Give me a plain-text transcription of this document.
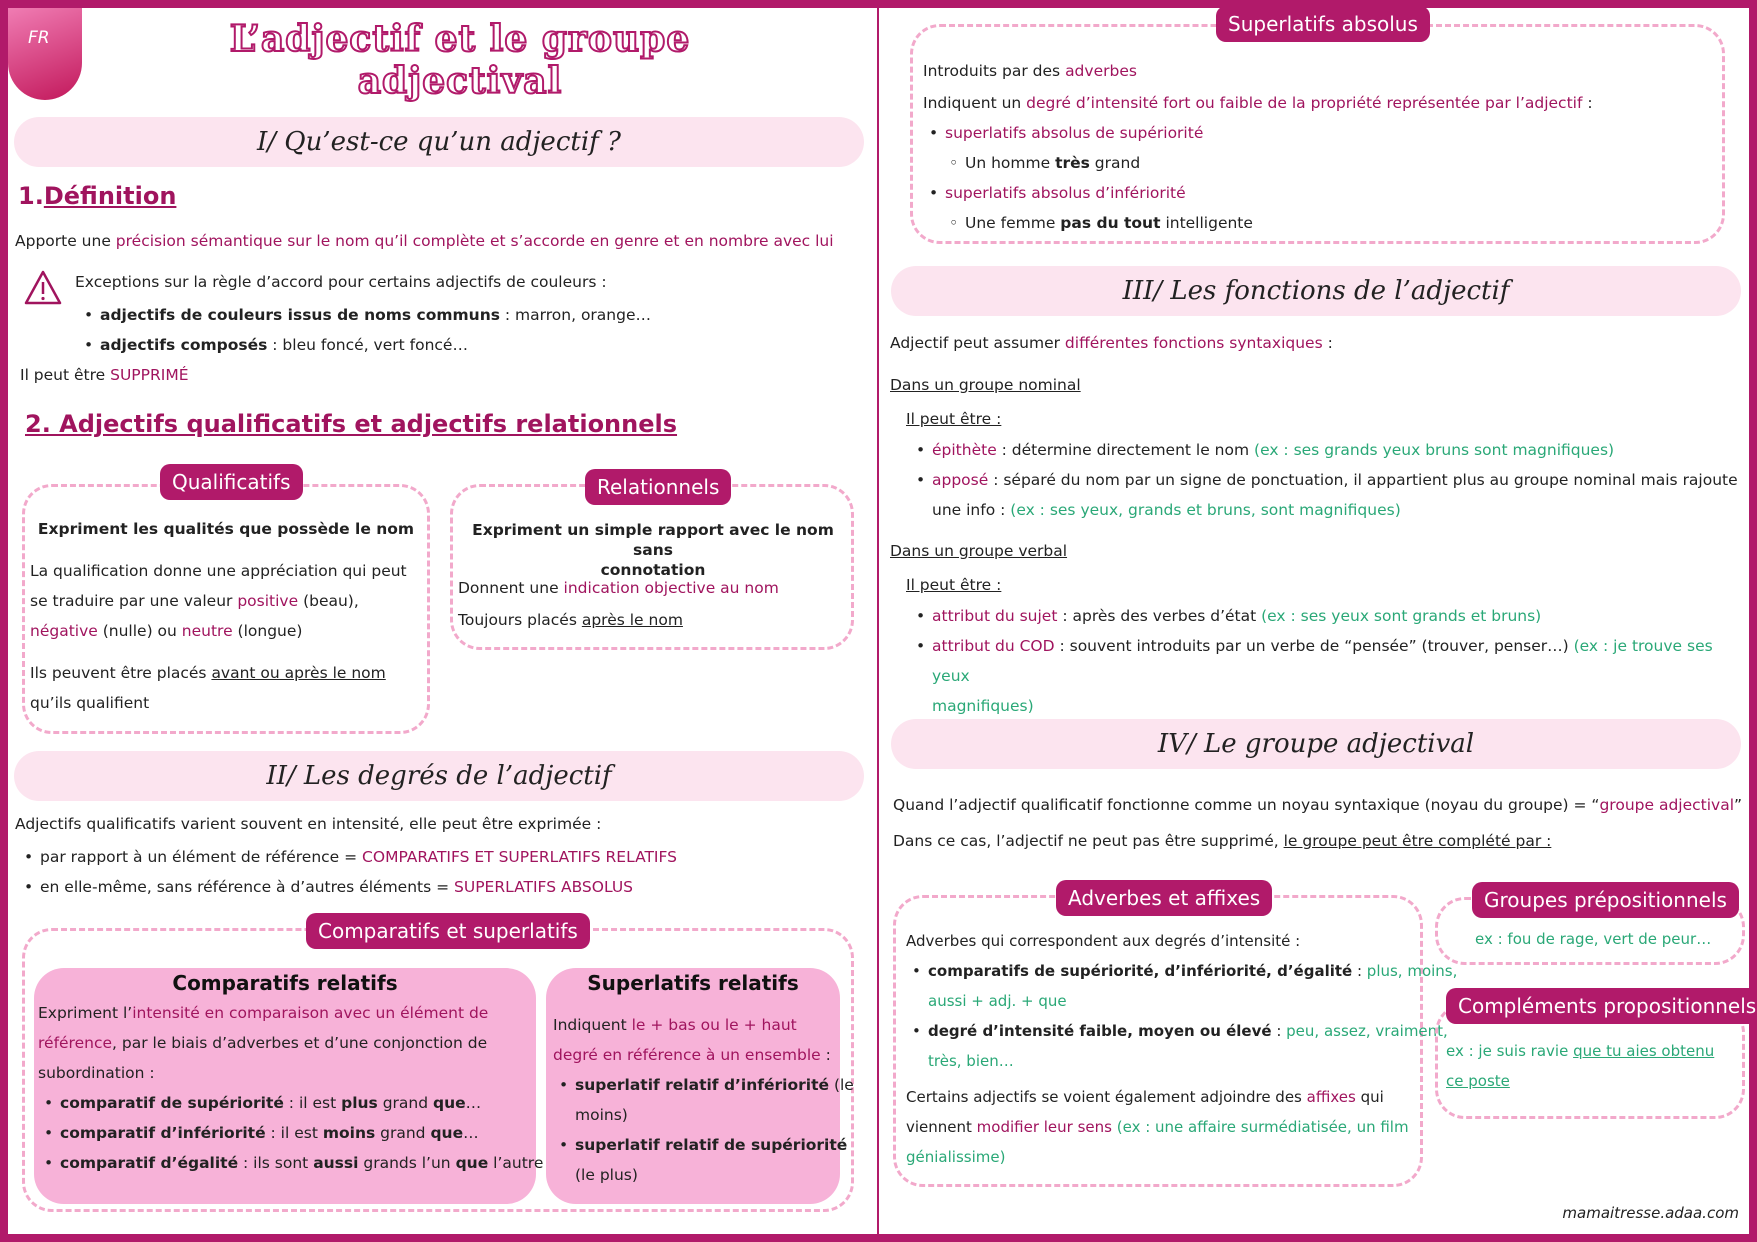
FR	L’adjectif et le groupe adjectival
I/ Qu’est-ce qu’un adjectif ?
1.Définition
Apporte une précision sémantique sur le nom qu’il complète et s’accorde en genre et en nombre avec lui
Exceptions sur la règle d’accord pour certains adjectifs de couleurs :
• adjectifs de couleurs issus de noms communs : marron, orange…
• adjectifs composés : bleu foncé, vert foncé…
Il peut être SUPPRIMÉ
2. Adjectifs qualificatifs et adjectifs relationnels
Qualificatifs
Expriment les qualités que possède le nom
La qualification donne une appréciation qui peut
se traduire par une valeur positive (beau),
négative (nulle) ou neutre (longue)
Ils peuvent être placés avant ou après le nom
qu’ils qualifient
Relationnels
Expriment un simple rapport avec le nom sans
connotation
Donnent une indication objective au nom
Toujours placés après le nom
II/ Les degrés de l’adjectif
Adjectifs qualificatifs varient souvent en intensité, elle peut être exprimée :
• par rapport à un élément de référence = COMPARATIFS ET SUPERLATIFS RELATIFS
• en elle-même, sans référence à d’autres éléments = SUPERLATIFS ABSOLUS
Comparatifs et superlatifs
Comparatifs relatifs
Expriment l’intensité en comparaison avec un élément de
référence, par le biais d’adverbes et d’une conjonction de
subordination :
• comparatif de supériorité : il est plus grand que…
• comparatif d’infériorité : il est moins grand que…
• comparatif d’égalité : ils sont aussi grands l’un que l’autre
Superlatifs relatifs
Indiquent le + bas ou le + haut
degré en référence à un ensemble :
• superlatif relatif d’infériorité (le
moins)
• superlatif relatif de supériorité
(le plus)
Superlatifs absolus
Introduits par des adverbes
Indiquent un degré d’intensité fort ou faible de la propriété représentée par l’adjectif :
• superlatifs absolus de supériorité
◦ Un homme très grand
• superlatifs absolus d’infériorité
◦ Une femme pas du tout intelligente
III/ Les fonctions de l’adjectif
Adjectif peut assumer différentes fonctions syntaxiques :
Dans un groupe nominal
Il peut être :
• épithète : détermine directement le nom (ex : ses grands yeux bruns sont magnifiques)
• apposé : séparé du nom par un signe de ponctuation, il appartient plus au groupe nominal mais rajoute
une info : (ex : ses yeux, grands et bruns, sont magnifiques)
Dans un groupe verbal
Il peut être :
• attribut du sujet : après des verbes d’état (ex : ses yeux sont grands et bruns)
• attribut du COD : souvent introduits par un verbe de “pensée” (trouver, penser…) (ex : je trouve ses yeux
magnifiques)
IV/ Le groupe adjectival
Quand l’adjectif qualificatif fonctionne comme un noyau syntaxique (noyau du groupe) = “groupe adjectival”
Dans ce cas, l’adjectif ne peut pas être supprimé, le groupe peut être complété par :
Adverbes et affixes
Adverbes qui correspondent aux degrés d’intensité :
• comparatifs de supériorité, d’infériorité, d’égalité : plus, moins,
aussi + adj. + que
• degré d’intensité faible, moyen ou élevé : peu, assez, vraiment,
très, bien…
Certains adjectifs se voient également adjoindre des affixes qui
viennent modifier leur sens (ex : une affaire surmédiatisée, un film
génialissime)
Groupes prépositionnels
ex : fou de rage, vert de peur…
Compléments propositionnels
ex : je suis ravie que tu aies obtenu
ce poste
mamaitresse.adaa.com
